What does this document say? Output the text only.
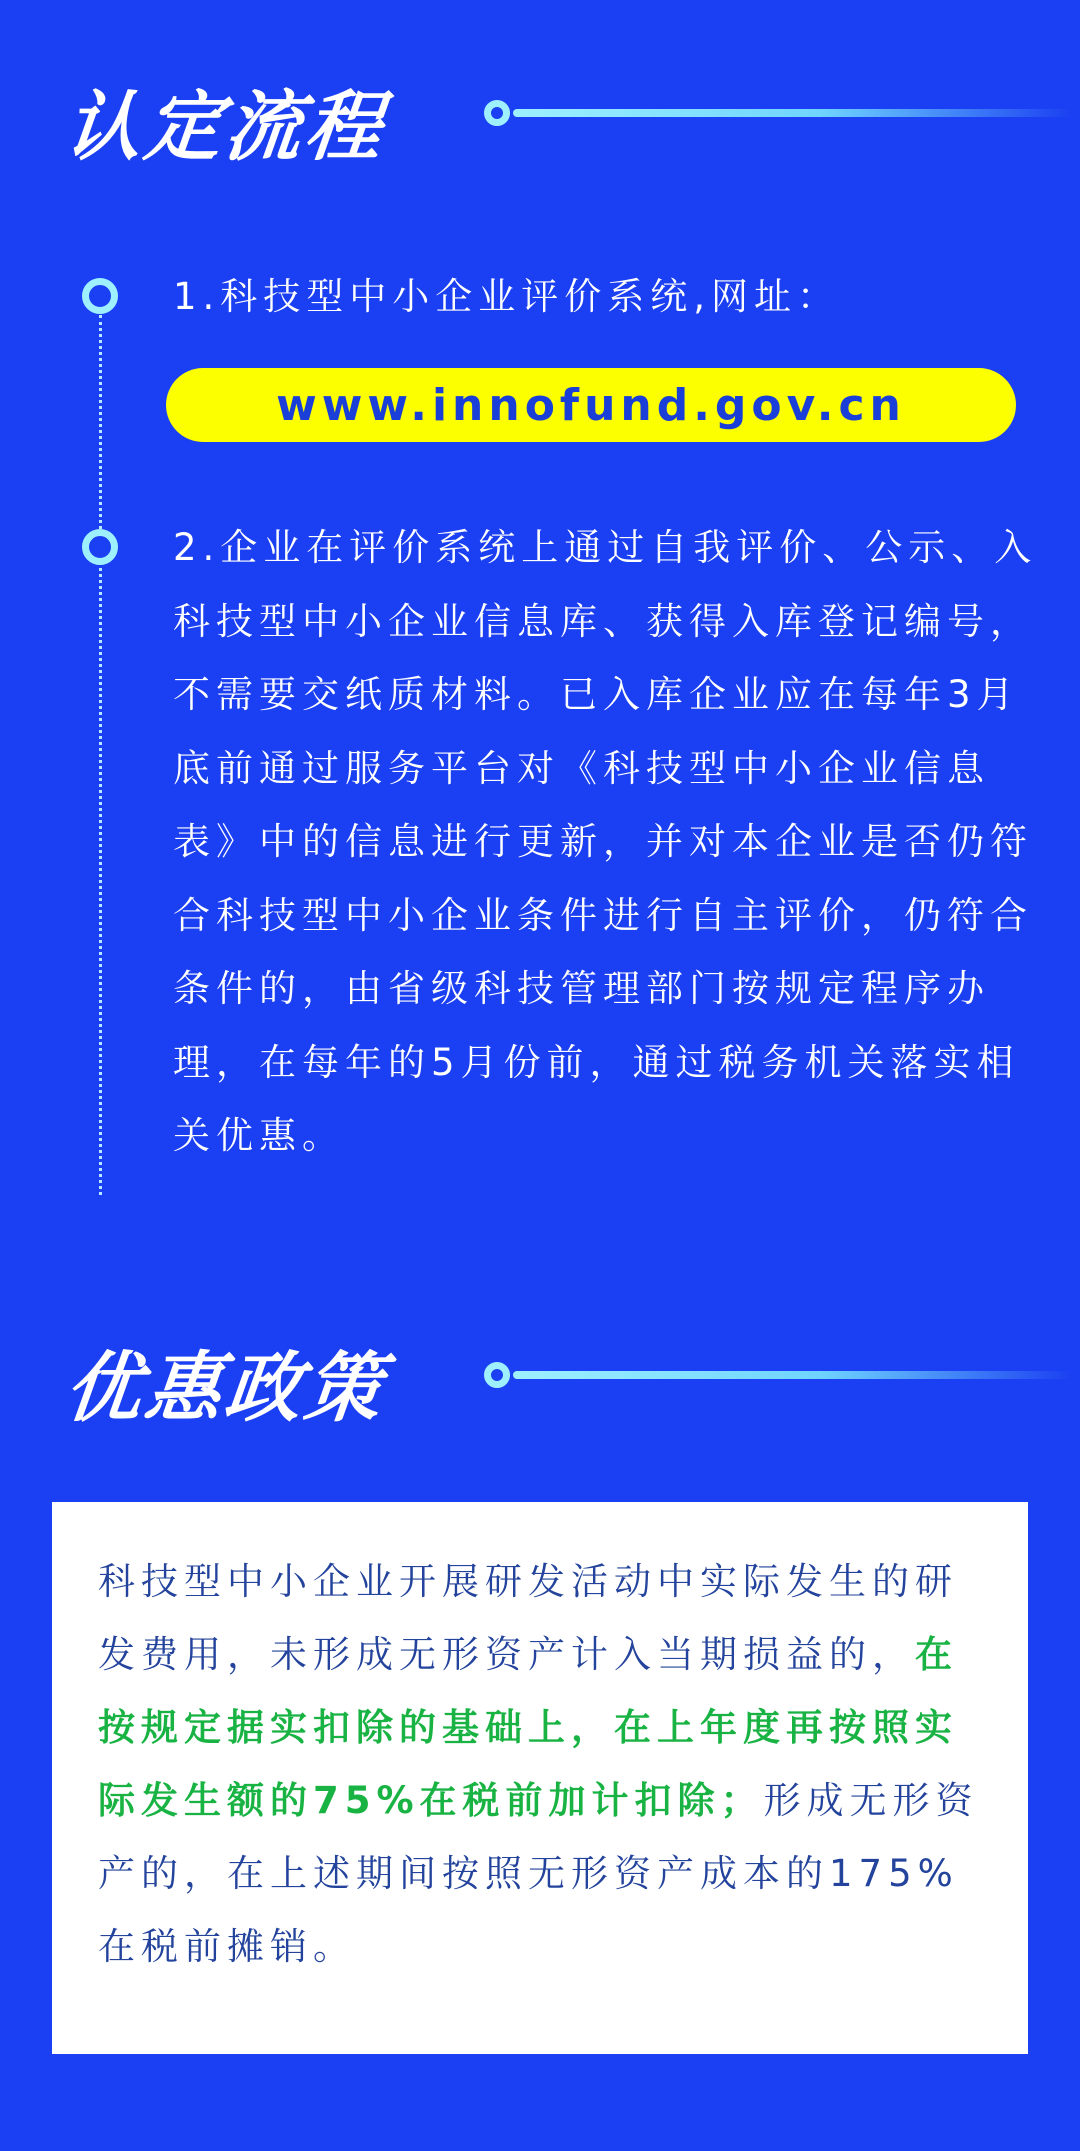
认定流程
1.科技型中小企业评价系统,网址：
www.innofund.gov.cn
2.企业在评价系统上通过自我评价、公示、入科技型中小企业信息库、获得入库登记编号，不需要交纸质材料。已入库企业应在每年3月底前通过服务平台对《科技型中小企业信息表》中的信息进行更新，并对本企业是否仍符合科技型中小企业条件进行自主评价，仍符合条件的，由省级科技管理部门按规定程序办理，在每年的5月份前，通过税务机关落实相关优惠。
优惠政策
科技型中小企业开展研发活动中实际发生的研发费用，未形成无形资产计入当期损益的，在按规定据实扣除的基础上，在上年度再按照实际发生额的75%在税前加计扣除；形成无形资产的，在上述期间按照无形资产成本的175%在税前摊销。
